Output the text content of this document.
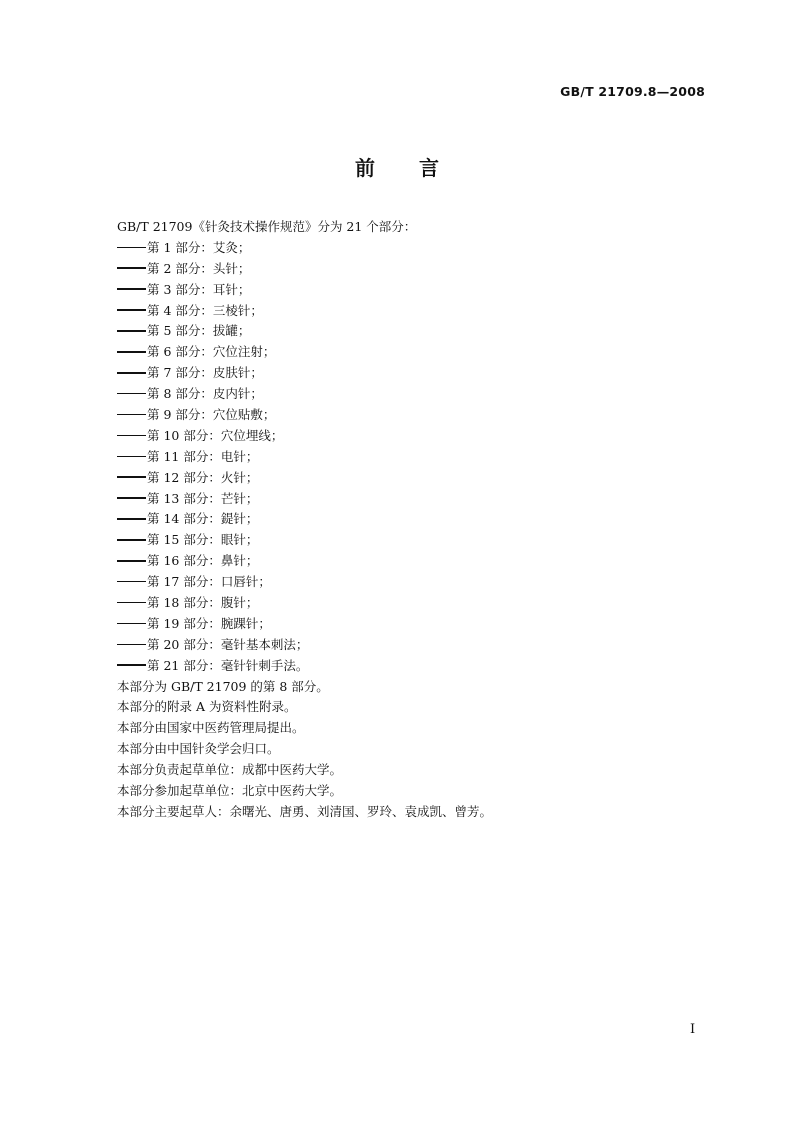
GB/T 21709.8—2008
前 言
GB/T 21709《针灸技术操作规范》分为 21 个部分：
第 1 部分：艾灸；
第 2 部分：头针；
第 3 部分：耳针；
第 4 部分：三棱针；
第 5 部分：拔罐；
第 6 部分：穴位注射；
第 7 部分：皮肤针；
第 8 部分：皮内针；
第 9 部分：穴位贴敷；
第 10 部分：穴位埋线；
第 11 部分：电针；
第 12 部分：火针；
第 13 部分：芒针；
第 14 部分：鍉针；
第 15 部分：眼针；
第 16 部分：鼻针；
第 17 部分：口唇针；
第 18 部分：腹针；
第 19 部分：腕踝针；
第 20 部分：毫针基本刺法；
第 21 部分：毫针针刺手法。
本部分为 GB/T 21709 的第 8 部分。
本部分的附录 A 为资料性附录。
本部分由国家中医药管理局提出。
本部分由中国针灸学会归口。
本部分负责起草单位：成都中医药大学。
本部分参加起草单位：北京中医药大学。
本部分主要起草人：余曙光、唐勇、刘清国、罗玲、袁成凯、曾芳。
I
